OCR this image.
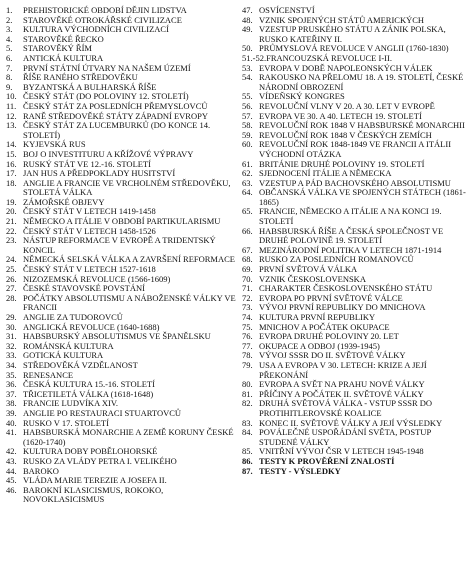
1.	PREHISTORICKÉ OBDOBÍ DĚJIN LIDSTVA
2.	STAROVĚKÉ OTROKÁŘSKÉ CIVILIZACE
3.	KULTURA VÝCHODNÍCH CIVILIZACÍ
4.	STAROVĚKÉ ŘECKO
5.	STAROVĚKÝ ŘÍM
6.	ANTICKÁ KULTURA
7.	PRVNÍ STÁTNÍ ÚTVARY NA NAŠEM ÚZEMÍ
8.	ŘÍŠE RANÉHO STŘEDOVĚKU
9.	BYZANTSKÁ A BULHARSKÁ ŘÍŠE
10. ČESKÝ STÁT (DO POLOVINY 12. STOLETÍ)
11. ČESKÝ STÁT ZA POSLEDNÍCH PŘEMYSLOVCŮ
12. RANĚ STŘEDOVĚKÉ STÁTY ZÁPADNÍ EVROPY
13. ČESKÝ STÁT ZA LUCEMBURKŮ (DO KONCE 14. STOLETÍ)
14. KYJEVSKÁ RUS
15. BOJ O INVESTITURU A KŘÍŽOVÉ VÝPRAVY
16. RUSKÝ STÁT VE 12.-16. STOLETÍ
17. JAN HUS A PŘEDPOKLADY HUSITSTVÍ
18. ANGLIE A FRANCIE VE VRCHOLNÉM STŘEDOVĚKU, STOLETÁ VÁLKA
19. ZÁMOŘSKÉ OBJEVY
20. ČESKÝ STÁT V LETECH 1419-1458
21. NĚMECKO A ITÁLIE V OBDOBÍ PARTIKULARISMU
22. ČESKÝ STÁT V LETECH 1458-1526
23. NÁSTUP REFORMACE V EVROPĚ A TRIDENTSKÝ KONCIL
24. NĚMECKÁ SELSKÁ VÁLKA A ZAVRŠENÍ REFORMACE
25. ČESKÝ STÁT V LETECH 1527-1618
26. NIZOZEMSKÁ REVOLUCE (1566-1609)
27. ČESKÉ STAVOVSKÉ POVSTÁNÍ
28. POČÁTKY ABSOLUTISMU A NÁBOŽENSKÉ VÁLKY VE FRANCII
29. ANGLIE ZA TUDOROVCŮ
30. ANGLICKÁ REVOLUCE (1640-1688)
31. HABSBURSKÝ ABSOLUTISMUS VE ŠPANĚLSKU
32. ROMÁNSKÁ KULTURA
33. GOTICKÁ KULTURA
34. STŘEDOVĚKÁ VZDĚLANOST
35. RENESANCE
36. ČESKÁ KULTURA 15.-16. STOLETÍ
37. TŘICETILETÁ VÁLKA (1618-1648)
38. FRANCIE LUDVÍKA XIV.
39. ANGLIE PO RESTAURACI STUARTOVCŮ
40. RUSKO V 17. STOLETÍ
41. HABSBURSKÁ MONARCHIE A ZEMĚ KORUNY ČESKÉ (1620-1740)
42. KULTURA DOBY POBĚLOHORSKÉ
43. RUSKO ZA VLÁDY PETRA I. VELIKÉHO
44. BAROKO
45. VLÁDA MARIE TEREZIE A JOSEFA II.
46. BAROKNÍ KLASICISMUS, ROKOKO, NOVOKLASICISMUS
47. OSVÍCENSTVÍ
48. VZNIK SPOJENÝCH STÁTŮ AMERICKÝCH
49. VZESTUP PRUSKÉHO STÁTU A ZÁNIK POLSKA, RUSKO KATEŘINY II.
50. PRŮMYSLOVÁ REVOLUCE V ANGLII (1760-1830)
51.-52. FRANCOUZSKÁ REVOLUCE I-II.
53. EVROPA V DOBĚ NAPOLEONSKÝCH VÁLEK
54. RAKOUSKO NA PŘELOMU 18. A 19. STOLETÍ, ČESKÉ NÁRODNÍ OBROZENÍ
55. VÍDEŇSKÝ KONGRES
56. REVOLUČNÍ VLNY V 20. A 30. LET V EVROPĚ
57. EVROPA VE 30. A 40. LETECH 19. STOLETÍ
58. REVOLUČNÍ ROK 1848 V HABSBURSKÉ MONARCHII
59. REVOLUČNÍ ROK 1848 V ČESKÝCH ZEMÍCH
60. REVOLUČNÍ ROK 1848-1849 VE FRANCII A ITÁLII
VÝCHODNÍ OTÁZKA
61. BRITÁNIE DRUHÉ POLOVINY 19. STOLETÍ
62. SJEDNOCENÍ ITÁLIE A NĚMECKA
63. VZESTUP A PÁD BACHOVSKÉHO ABSOLUTISMU
64. OBČANSKÁ VÁLKA VE SPOJENÝCH STÁTECH (1861-1865)
65. FRANCIE, NĚMECKO A ITÁLIE A NA KONCI 19. STOLETÍ
66. HABSBURSKÁ ŘÍŠE A ČESKÁ SPOLEČNOST VE DRUHÉ POLOVINĚ 19. STOLETÍ
67. MEZINÁRODNÍ POLITIKA V LETECH 1871-1914
68. RUSKO ZA POSLEDNÍCH ROMANOVCŮ
69. PRVNÍ SVĚTOVÁ VÁLKA
70. VZNIK ČESKOSLOVENSKA
71. CHARAKTER ČESKOSLOVENSKÉHO STÁTU
72. EVROPA PO PRVNÍ SVĚTOVÉ VÁLCE
73. VÝVOJ PRVNÍ REPUBLIKY DO MNICHOVA
74. KULTURA PRVNÍ REPUBLIKY
75. MNICHOV A POČÁTEK OKUPACE
76. EVROPA DRUHÉ POLOVINY 20. LET
77. OKUPACE A ODBOJ (1939-1945)
78. VÝVOJ SSSR DO II. SVĚTOVÉ VÁLKY
79. USA A EVROPA V 30. LETECH: KRIZE A JEJÍ PŘEKONÁNÍ
80. EVROPA A SVĚT NA PRAHU NOVÉ VÁLKY
81. PŘÍČINY A POČÁTEK II. SVĚTOVÉ VÁLKY
82. DRUHÁ SVĚTOVÁ VÁLKA - VSTUP SSSR DO PROTIHITLEROVSKÉ KOALICE
83. KONEC II. SVĚTOVÉ VÁLKY A JEJÍ VÝSLEDKY
84. POVÁLEČNÉ USPOŘÁDÁNÍ SVĚTA, POSTUP STUDENÉ VÁLKY
85. VNITŘNÍ VÝVOJ ČSR V LETECH 1945-1948
86. TESTY K PROVĚŘENÍ ZNALOSTÍ
87. TESTY - VÝSLEDKY
